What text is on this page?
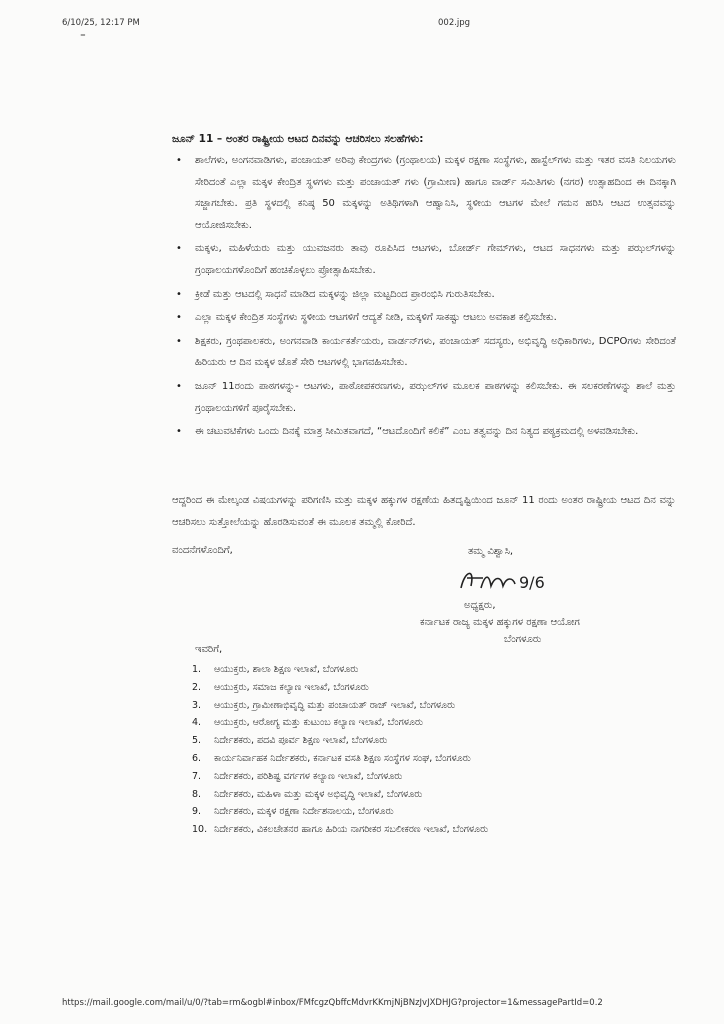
6/10/25, 12:17 PM	002.jpg
⁼
ಜೂನ್ 11 – ಅಂತರ ರಾಷ್ಟ್ರೀಯ ಆಟದ ದಿನವನ್ನು ಆಚರಿಸಲು ಸಲಹೆಗಳು:
• ಶಾಲೆಗಳು, ಅಂಗನವಾಡಿಗಳು, ಪಂಚಾಯತ್ ಅರಿವು ಕೇಂದ್ರಗಳು (ಗ್ರಂಥಾಲಯ) ಮಕ್ಕಳ ರಕ್ಷಣಾ ಸಂಸ್ಥೆಗಳು, ಹಾಸ್ಟೆಲ್‌ಗಳು ಮತ್ತು ಇತರ ವಸತಿ ನಿಲಯಗಳು ಸೇರಿದಂತೆ ಎಲ್ಲಾ ಮಕ್ಕಳ ಕೇಂದ್ರಿತ ಸ್ಥಳಗಳು ಮತ್ತು ಪಂಚಾಯತ್ ಗಳು (ಗ್ರಾಮೀಣ) ಹಾಗೂ ವಾರ್ಡ್ ಸಮಿತಿಗಳು (ನಗರ) ಉತ್ಸಾಹದಿಂದ ಈ ದಿನಕ್ಕಾಗಿ ಸಜ್ಜಾಗಬೇಕು. ಪ್ರತಿ ಸ್ಥಳದಲ್ಲಿ ಕನಿಷ್ಠ 50 ಮಕ್ಕಳನ್ನು ಅತಿಥಿಗಳಾಗಿ ಆಹ್ವಾನಿಸಿ, ಸ್ಥಳೀಯ ಆಟಗಳ ಮೇಲೆ ಗಮನ ಹರಿಸಿ ಆಟದ ಉತ್ಸವವನ್ನು ಆಯೋಜಿಸಬೇಕು.
• ಮಕ್ಕಳು, ಮಹಿಳೆಯರು ಮತ್ತು ಯುವಜನರು ತಾವು ರೂಪಿಸಿದ ಆಟಗಳು, ಬೋರ್ಡ್ ಗೇಮ್‌ಗಳು, ಆಟದ ಸಾಧನಗಳು ಮತ್ತು ಪಝಲ್‌ಗಳನ್ನು ಗ್ರಂಥಾಲಯಗಳೊಂದಿಗೆ ಹಂಚಿಕೊಳ್ಳಲು ಪ್ರೋತ್ಸಾಹಿಸಬೇಕು.
• ಕ್ರೀಡೆ ಮತ್ತು ಆಟದಲ್ಲಿ ಸಾಧನೆ ಮಾಡಿದ ಮಕ್ಕಳನ್ನು ಜಿಲ್ಲಾ ಮಟ್ಟದಿಂದ ಪ್ರಾರಂಭಿಸಿ ಗುರುತಿಸಬೇಕು.
• ಎಲ್ಲಾ ಮಕ್ಕಳ ಕೇಂದ್ರಿತ ಸಂಸ್ಥೆಗಳು ಸ್ಥಳೀಯ ಆಟಗಳಿಗೆ ಆದ್ಯತೆ ನೀಡಿ, ಮಕ್ಕಳಿಗೆ ಸಾಕಷ್ಟು ಆಟಲು ಅವಕಾಶ ಕಲ್ಪಿಸಬೇಕು.
• ಶಿಕ್ಷಕರು, ಗ್ರಂಥಪಾಲಕರು, ಅಂಗನವಾಡಿ ಕಾರ್ಯಕರ್ತೆಯರು, ವಾರ್ಡನ್‌ಗಳು, ಪಂಚಾಯತ್ ಸದಸ್ಯರು, ಅಭಿವೃದ್ಧಿ ಅಧಿಕಾರಿಗಳು, DCPOಗಳು ಸೇರಿದಂತೆ ಹಿರಿಯರು ಆ ದಿನ ಮಕ್ಕಳ ಜೊತೆ ಸೇರಿ ಆಟಗಳಲ್ಲಿ ಭಾಗವಹಿಸಬೇಕು.
• ಜೂನ್ 11ರಂದು ಪಾಠಗಳನ್ನು- ಆಟಗಳು, ಪಾಠೋಪಕರಣಗಳು, ಪಝಲ್‌ಗಳ ಮೂಲಕ ಪಾಠಗಳನ್ನು ಕಲಿಸಬೇಕು. ಈ ಸಲಕರಣೆಗಳನ್ನು ಶಾಲೆ ಮತ್ತು ಗ್ರಂಥಾಲಯಗಳಿಗೆ ಪೂರೈಸಬೇಕು.
• ಈ ಚಟುವಟಿಕೆಗಳು ಒಂದು ದಿನಕ್ಕೆ ಮಾತ್ರ ಸೀಮಿತವಾಗದೆ, “ಆಟದೊಂದಿಗೆ ಕಲಿಕೆ” ಎಂಬ ತತ್ವವನ್ನು ದಿನ ನಿತ್ಯದ ಪಠ್ಯಕ್ರಮದಲ್ಲಿ ಅಳವಡಿಸಬೇಕು.
ಆದ್ದರಿಂದ ಈ ಮೇಲ್ಕಂಡ ವಿಷಯಗಳನ್ನು ಪರಿಗಣಿಸಿ ಮತ್ತು ಮಕ್ಕಳ ಹಕ್ಕುಗಳ ರಕ್ಷಣೆಯ ಹಿತದೃಷ್ಟಿಯಿಂದ ಜೂನ್ 11 ರಂದು ಅಂತರ ರಾಷ್ಟ್ರೀಯ ಆಟದ ದಿನ ವನ್ನು ಆಚರಿಸಲು ಸುತ್ತೋಲೆಯನ್ನು ಹೊರಡಿಸುವಂತೆ ಈ ಮೂಲಕ ತಮ್ಮಲ್ಲಿ ಕೋರಿದೆ.
ವಂದನೆಗಳೊಂದಿಗೆ,	ತಮ್ಮ ವಿಶ್ವಾಸಿ,
9/6
ಅಧ್ಯಕ್ಷರು,
ಕರ್ನಾಟಕ ರಾಜ್ಯ ಮಕ್ಕಳ ಹಕ್ಕುಗಳ ರಕ್ಷಣಾ ಆಯೋಗ
ಬೆಂಗಳೂರು
ಇವರಿಗೆ,
1. ಆಯುಕ್ತರು, ಶಾಲಾ ಶಿಕ್ಷಣ ಇಲಾಖೆ, ಬೆಂಗಳೂರು
2. ಆಯುಕ್ತರು, ಸಮಾಜ ಕಲ್ಯಾಣ ಇಲಾಖೆ, ಬೆಂಗಳೂರು
3. ಆಯುಕ್ತರು, ಗ್ರಾಮೀಣಾಭಿವೃದ್ಧಿ ಮತ್ತು ಪಂಚಾಯತ್ ರಾಜ್ ಇಲಾಖೆ, ಬೆಂಗಳೂರು
4. ಆಯುಕ್ತರು, ಆರೋಗ್ಯ ಮತ್ತು ಕುಟುಂಬ ಕಲ್ಯಾಣ ಇಲಾಖೆ, ಬೆಂಗಳೂರು
5. ನಿರ್ದೇಶಕರು, ಪದವಿ ಪೂರ್ವ ಶಿಕ್ಷಣ ಇಲಾಖೆ, ಬೆಂಗಳೂರು
6. ಕಾರ್ಯನಿರ್ವಾಹಕ ನಿರ್ದೇಶಕರು, ಕರ್ನಾಟಕ ವಸತಿ ಶಿಕ್ಷಣ ಸಂಸ್ಥೆಗಳ ಸಂಘ, ಬೆಂಗಳೂರು
7. ನಿರ್ದೇಶಕರು, ಪರಿಶಿಷ್ಟ ವರ್ಗಗಳ ಕಲ್ಯಾಣ ಇಲಾಖೆ, ಬೆಂಗಳೂರು
8. ನಿರ್ದೇಶಕರು, ಮಹಿಳಾ ಮತ್ತು ಮಕ್ಕಳ ಅಭಿವೃದ್ಧಿ ಇಲಾಖೆ, ಬೆಂಗಳೂರು
9. ನಿರ್ದೇಶಕರು, ಮಕ್ಕಳ ರಕ್ಷಣಾ ನಿರ್ದೇಶನಾಲಯ, ಬೆಂಗಳೂರು
10. ನಿರ್ದೇಶಕರು, ವಿಕಲಚೇತನರ ಹಾಗೂ ಹಿರಿಯ ನಾಗರೀಕರ ಸಬಲೀಕರಣ ಇಲಾಖೆ, ಬೆಂಗಳೂರು
https://mail.google.com/mail/u/0/?tab=rm&ogbl#inbox/FMfcgzQbffcMdvrKKmjNjBNzJvJXDHJG?projector=1&messagePartId=0.2
